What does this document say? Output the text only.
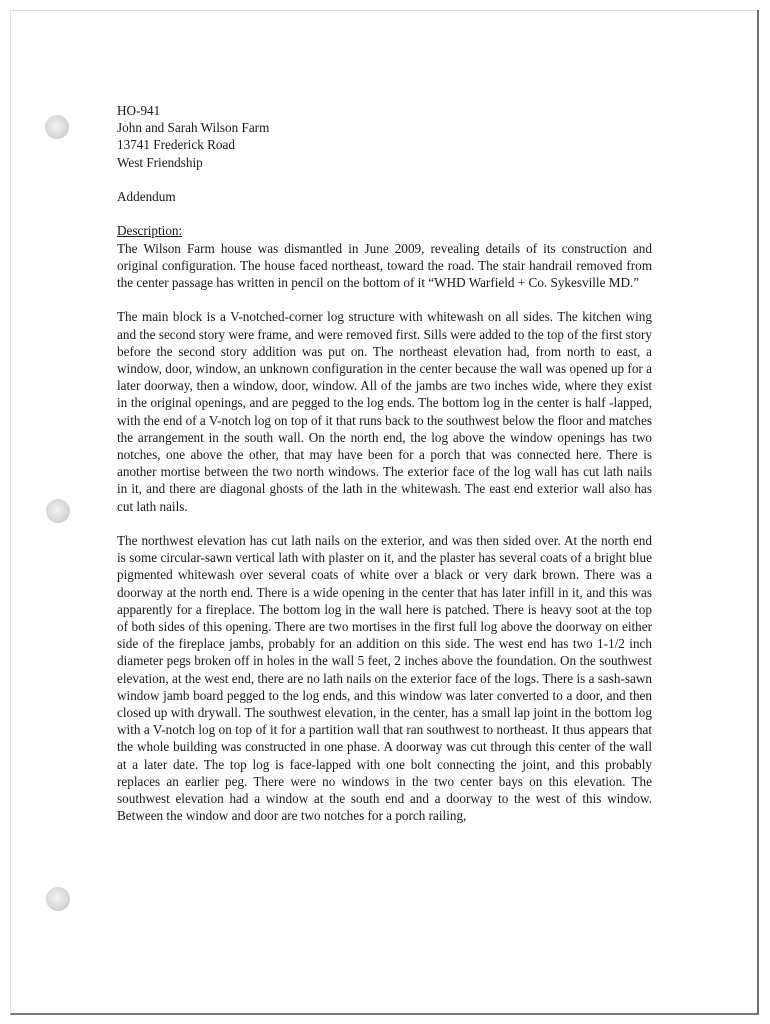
HO-941

John and Sarah Wilson Farm

13741 Frederick Road

West Friendship

Addendum

Description:

The Wilson Farm house was dismantled in June 2009, revealing details of its construction and original configuration. The house faced northeast, toward the road. The stair handrail removed from the center passage has written in pencil on the bottom of it “WHD Warfield + Co. Sykesville MD.”

The main block is a V-notched-corner log structure with whitewash on all sides. The kitchen wing and the second story were frame, and were removed first. Sills were added to the top of the first story before the second story addition was put on. The northeast elevation had, from north to east, a window, door, window, an unknown configuration in the center because the wall was opened up for a later doorway, then a window, door, window. All of the jambs are two inches wide, where they exist in the original openings, and are pegged to the log ends. The bottom log in the center is half -lapped, with the end of a V-notch log on top of it that runs back to the southwest below the floor and matches the arrangement in the south wall. On the north end, the log above the window openings has two notches, one above the other, that may have been for a porch that was connected here. There is another mortise between the two north windows. The exterior face of the log wall has cut lath nails in it, and there are diagonal ghosts of the lath in the whitewash. The east end exterior wall also has cut lath nails.

The northwest elevation has cut lath nails on the exterior, and was then sided over. At the north end is some circular-sawn vertical lath with plaster on it, and the plaster has several coats of a bright blue pigmented whitewash over several coats of white over a black or very dark brown. There was a doorway at the north end. There is a wide opening in the center that has later infill in it, and this was apparently for a fireplace. The bottom log in the wall here is patched. There is heavy soot at the top of both sides of this opening. There are two mortises in the first full log above the doorway on either side of the fireplace jambs, probably for an addition on this side. The west end has two 1-1/2 inch diameter pegs broken off in holes in the wall 5 feet, 2 inches above the foundation. On the southwest elevation, at the west end, there are no lath nails on the exterior face of the logs. There is a sash-sawn window jamb board pegged to the log ends, and this window was later converted to a door, and then closed up with drywall. The southwest elevation, in the center, has a small lap joint in the bottom log with a V-notch log on top of it for a partition wall that ran southwest to northeast. It thus appears that the whole building was constructed in one phase. A doorway was cut through this center of the wall at a later date. The top log is face-lapped with one bolt connecting the joint, and this probably replaces an earlier peg. There were no windows in the two center bays on this elevation. The southwest elevation had a window at the south end and a doorway to the west of this window. Between the window and door are two notches for a porch railing,
